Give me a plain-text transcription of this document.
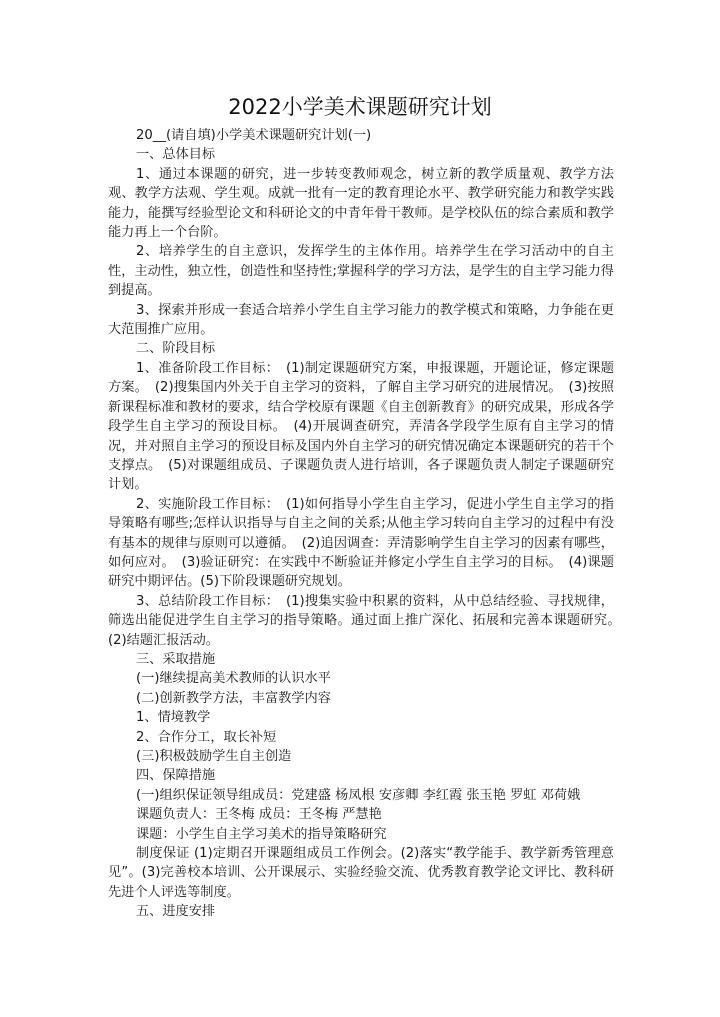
2022小学美术课题研究计划

20__(请自填)小学美术课题研究计划(一)

一、总体目标

1、通过本课题的研究，进一步转变教师观念，树立新的教学质量观、教学方法观、教学方法观、学生观。成就一批有一定的教育理论水平、教学研究能力和教学实践能力，能撰写经验型论文和科研论文的中青年骨干教师。是学校队伍的综合素质和教学能力再上一个台阶。

2、培养学生的自主意识，发挥学生的主体作用。培养学生在学习活动中的自主性，主动性，独立性，创造性和坚持性;掌握科学的学习方法，是学生的自主学习能力得到提高。

3、探索并形成一套适合培养小学生自主学习能力的教学模式和策略，力争能在更大范围推广应用。

二、阶段目标

1、准备阶段工作目标：　(1)制定课题研究方案，申报课题，开题论证，修定课题方案。　(2)搜集国内外关于自主学习的资料，了解自主学习研究的进展情况。　(3)按照新课程标准和教材的要求，结合学校原有课题《自主创新教育》的研究成果，形成各学段学生自主学习的预设目标。　(4)开展调查研究，弄清各学段学生原有自主学习的情况，并对照自主学习的预设目标及国内外自主学习的研究情况确定本课题研究的若干个支撑点。　(5)对课题组成员、子课题负责人进行培训，各子课题负责人制定子课题研究计划。

2、实施阶段工作目标：　(1)如何指导小学生自主学习，促进小学生自主学习的指导策略有哪些;怎样认识指导与自主之间的关系;从他主学习转向自主学习的过程中有没有基本的规律与原则可以遵循。　(2)追因调查：弄清影响学生自主学习的因素有哪些，如何应对。　(3)验证研究：在实践中不断验证并修定小学生自主学习的目标。　(4)课题研究中期评估。(5)下阶段课题研究规划。

3、总结阶段工作目标：　(1)搜集实验中积累的资料，从中总结经验、寻找规律，筛选出能促进学生自主学习的指导策略。通过面上推广深化、拓展和完善本课题研究。　(2)结题汇报活动。

三、采取措施

(一)继续提高美术教师的认识水平

(二)创新教学方法，丰富教学内容

1、情境教学

2、合作分工，取长补短

(三)积极鼓励学生自主创造

四、保障措施

(一)组织保证领导组成员：党建盛 杨凤根 安彦卿 李红霞 张玉艳 罗虹 邓荷娥

课题负责人：王冬梅 成员：王冬梅 严慧艳

课题：小学生自主学习美术的指导策略研究

制度保证 (1)定期召开课题组成员工作例会。(2)落实“教学能手、教学新秀管理意见”。(3)完善校本培训、公开课展示、实验经验交流、优秀教育教学论文评比、教科研先进个人评选等制度。

五、进度安排
